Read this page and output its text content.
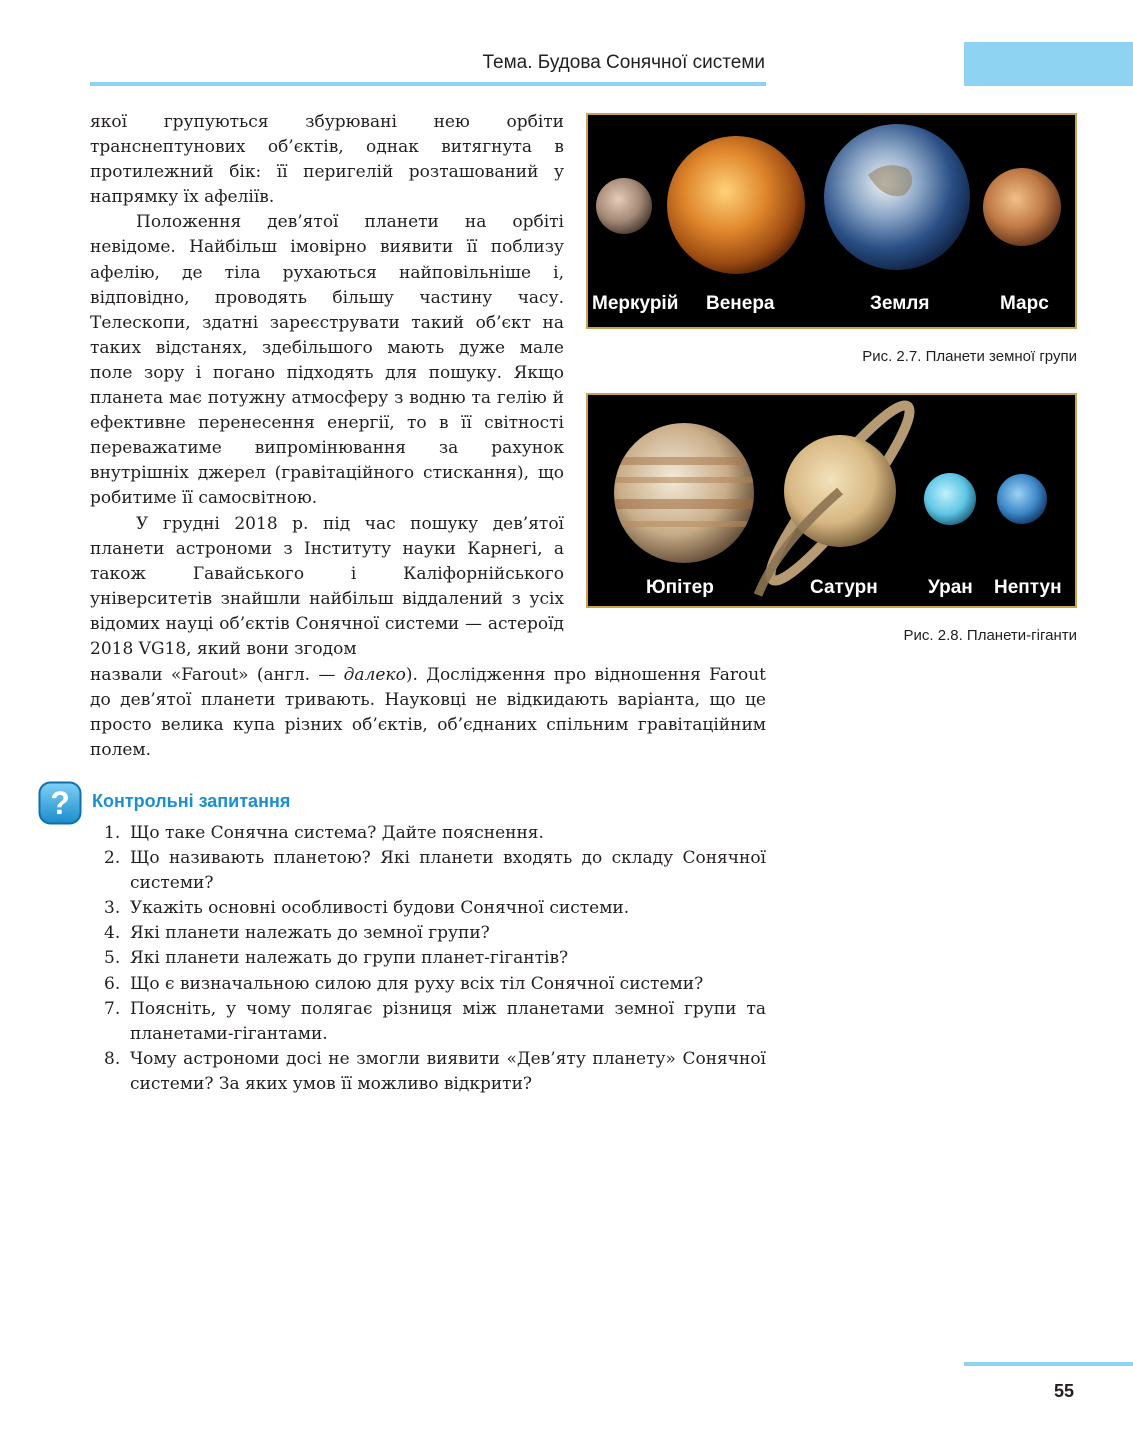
Тема. Будова Сонячної системи

якої групуються збурювані нею орбіти транснептунових об’єктів, однак витягнута в протилежний бік: її перигелій розташований у напрямку їх афеліїв.

Положення дев’ятої планети на орбіті невідоме. Найбільш імовірно виявити її поблизу афелію, де тіла рухаються найповільніше і, відповідно, проводять більшу частину часу. Телескопи, здатні зареєструвати такий об’єкт на таких відстанях, здебільшого мають дуже мале поле зору і погано підходять для пошуку. Якщо планета має потужну атмосферу з водню та гелію й ефективне перенесення енергії, то в її світності переважатиме випромінювання за рахунок внутрішніх джерел (гравітаційного стискання), що робитиме її самосвітною.

У грудні 2018 р. під час пошуку дев’ятої планети астрономи з Інституту науки Карнегі, а також Гавайського і Каліфорнійського університетів знайшли найбільш віддалений з усіх відомих науці об’єктів Сонячної системи — астероїд 2018 VG18, який вони згодом

назвали «Farout» (англ. — далеко). Дослідження про відношення Farout до дев’ятої планети тривають. Науковці не відкидають варіанта, що це просто велика купа різних об’єктів, об’єднаних спільним гравітаційним полем.

Меркурій Венера	Земля	Марс
Рис. 2.7. Планети земної групи
Юпітер	Сатурн	Уран Нептун
Рис. 2.8. Планети-гіганти
? Контрольні запитання
1. Що таке Сонячна система? Дайте пояснення.
2. Що називають планетою? Які планети входять до складу Сонячної системи?
3. Укажіть основні особливості будови Сонячної системи.
4. Які планети належать до земної групи?
5. Які планети належать до групи планет-гігантів?
6. Що є визначальною силою для руху всіх тіл Сонячної системи?
7. Поясніть, у чому полягає різниця між планетами земної групи та планетами-гігантами.
8. Чому астрономи досі не змогли виявити «Дев’яту планету» Сонячної системи? За яких умов її можливо відкрити?
55
